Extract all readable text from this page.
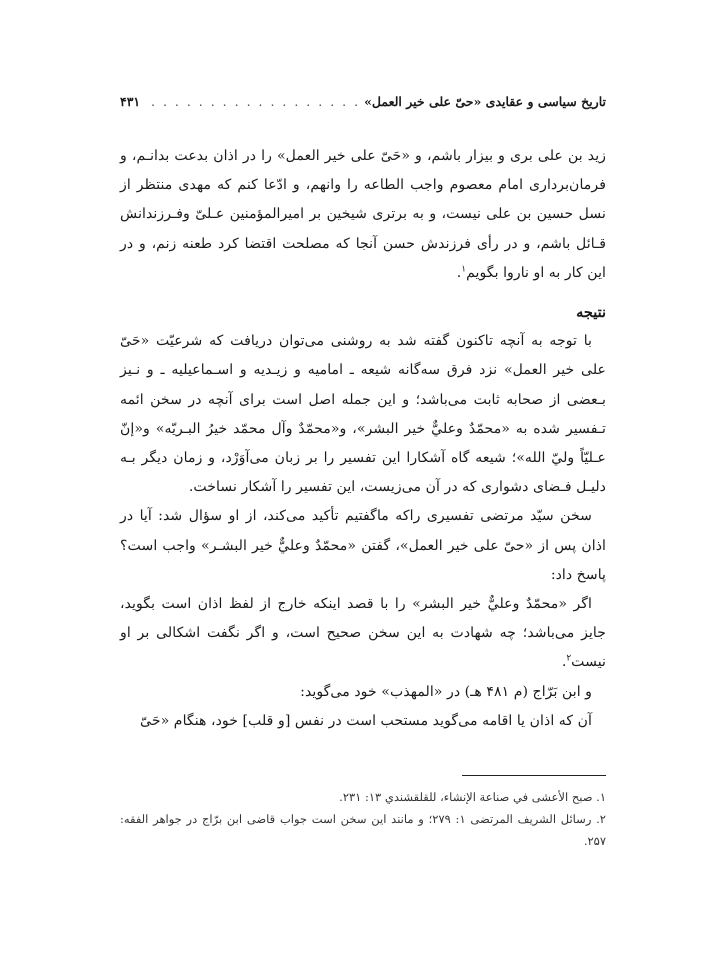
تاریخ سیاسی و عقایدی «حیّ علی خیر العمل»
. . .
۴۳۱

زید بن علی بری و بیزار باشم، و «حَیّ علی خیر العمل» را در اذان بدعت بدانـم، و فرمان‌برداری امام معصوم واجب الطاعه را وانهم، و ادّعا کنم که مهدی منتظر از نسل حسین بن علی نیست، و به برتری شیخین بر امیرالمؤمنین عـلیّ وفـرزندانش قـائل باشم، و در رأی فرزندش حسن آنجا که مصلحت اقتضا کرد طعنه زنم، و در این کار به او ناروا بگویم$^۱$.

نتیجه

با توجه به آنچه تاکنون گفته شد به روشنی می‌توان دریافت که شرعیّت «حَیّ علی خیر العمل» نزد فرق سه‌گانه شیعه ـ امامیه و زیـدیه و اسـماعیلیه ـ و نـیز بـعضی از صحابه ثابت می‌باشد؛ و این جمله اصل است برای آنچه در سخن ائمه تـفسیر شده به «محمّدٌ وعليٌّ خير البشر»، و«محمّدٌ وآل محمّد خيرُ البـريّه» و«إنّ عـليّاً وليّ الله»؛ شیعه گاه آشکارا این تفسیر را بر زبان می‌آوَرْد، و زمان دیگر بـه دلیـل فـضای دشواری که در آن می‌زیست، این تفسیر را آشکار نساخت.

سخن سیّد مرتضی تفسیری راکه ماگفتیم تأکید می‌کند، از او سؤال شد: آیا در اذان پس از «حیّ علی خیر العمل»، گفتن «محمّدٌ وعليٌّ خير البشـر» واجب است؟ پاسخ داد:

اگر «محمّدٌ وعليٌّ خير البشر» را با قصد اینکه خارج از لفظ اذان است بگوید، جایز می‌باشد؛ چه شهادت به این سخن صحیح است، و اگر نگفت اشکالی بر او نیست$^۲$.

و ابن بَرّاج (م ۴۸۱ هـ) در «المهذب» خود می‌گوید:

آن که اذان یا اقامه می‌گوید مستحب است در نفس [و قلب] خود، هنگام «حَیّ

۱. صبح الأعشى في صناعة الإنشاء، للقلقشندي ۱۳: ۲۳۱.

۲. رسائل الشریف المرتضی ۱: ۲۷۹؛ و مانند این سخن است جواب قاضی ابن برّاج در جواهر الفقه: ۲۵۷.
